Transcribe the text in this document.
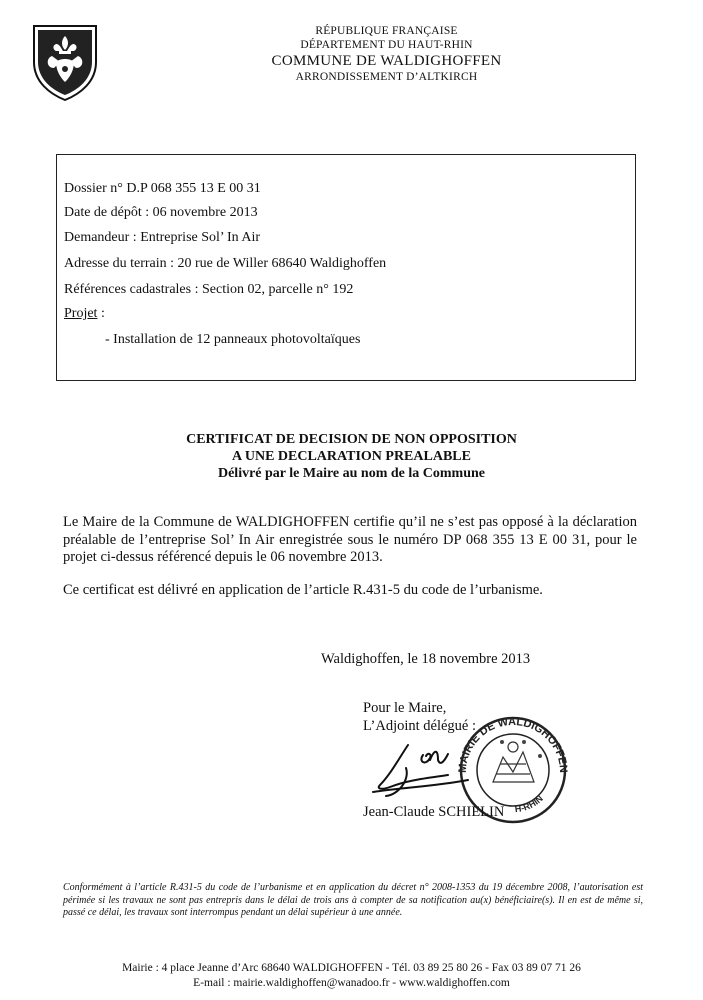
RÉPUBLIQUE FRANÇAISE
DÉPARTEMENT DU HAUT-RHIN
COMMUNE DE WALDIGHOFFEN
ARRONDISSEMENT D’ALTKIRCH
Dossier n° D.P 068 355 13 E 00 31
Date de dépôt : 06 novembre 2013
Demandeur : Entreprise Sol’ In Air
Adresse du terrain : 20 rue de Willer 68640 Waldighoffen
Références cadastrales : Section 02, parcelle n° 192
Projet :
- Installation de 12 panneaux photovoltaïques
CERTIFICAT DE DECISION DE NON OPPOSITION
A UNE DECLARATION PREALABLE
Délivré par le Maire au nom de la Commune
Le Maire de la Commune de WALDIGHOFFEN certifie qu’il ne s’est pas opposé à la déclaration préalable de l’entreprise Sol’ In Air enregistrée sous le numéro DP 068 355 13 E 00 31, pour le projet ci-dessus référencé depuis le 06 novembre 2013.
Ce certificat est délivré en application de l’article R.431-5 du code de l’urbanisme.
Waldighoffen, le 18 novembre 2013
Pour le Maire,
L’Adjoint délégué :
MAIRIE DE WALDIGHOFFEN
H-RHIN
Jean-Claude SCHIELIN
Conformément à l’article R.431-5 du code de l’urbanisme et en application du décret n° 2008-1353 du 19 décembre 2008, l’autorisation est périmée si les travaux ne sont pas entrepris dans le délai de trois ans à compter de sa notification au(x) bénéficiaire(s). Il en est de même si, passé ce délai, les travaux sont interrompus pendant un délai supérieur à une année.
Mairie : 4 place Jeanne d’Arc 68640 WALDIGHOFFEN - Tél. 03 89 25 80 26 - Fax 03 89 07 71 26
E-mail : mairie.waldighoffen@wanadoo.fr - www.waldighoffen.com
